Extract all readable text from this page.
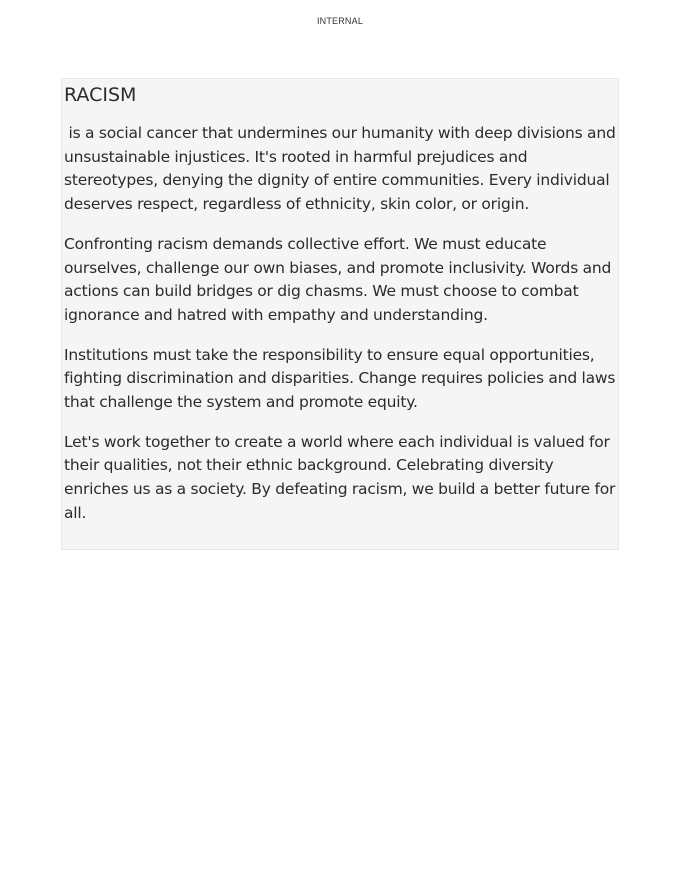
INTERNAL
RACISM

is a social cancer that undermines our humanity with deep divisions and unsustainable injustices. It's rooted in harmful prejudices and stereotypes, denying the dignity of entire communities. Every individual deserves respect, regardless of ethnicity, skin color, or origin.

Confronting racism demands collective effort. We must educate ourselves, challenge our own biases, and promote inclusivity. Words and actions can build bridges or dig chasms. We must choose to combat ignorance and hatred with empathy and understanding.

Institutions must take the responsibility to ensure equal opportunities, fighting discrimination and disparities. Change requires policies and laws that challenge the system and promote equity.

Let's work together to create a world where each individual is valued for their qualities, not their ethnic background. Celebrating diversity enriches us as a society. By defeating racism, we build a better future for all.
